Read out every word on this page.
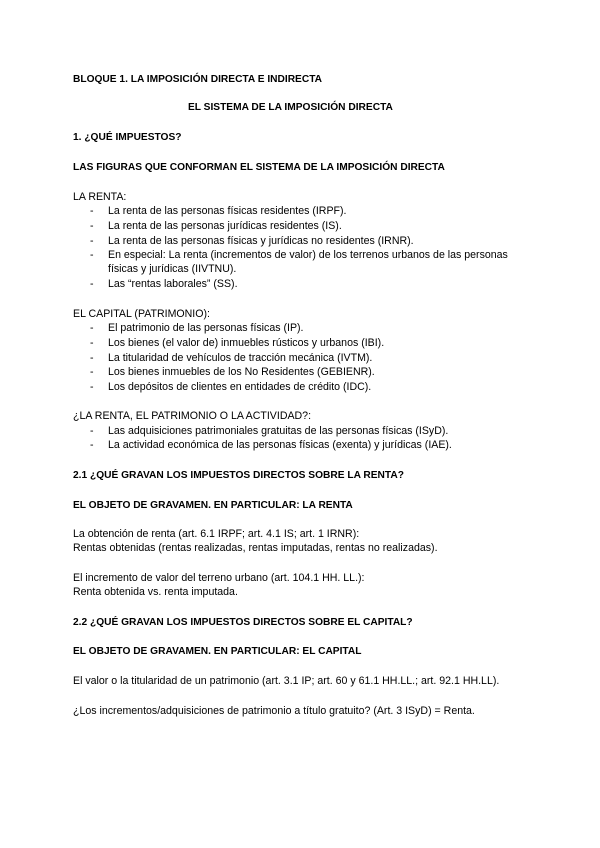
BLOQUE 1. LA IMPOSICIÓN DIRECTA E INDIRECTA
EL SISTEMA DE LA IMPOSICIÓN DIRECTA
1. ¿QUÉ IMPUESTOS?
LAS FIGURAS QUE CONFORMAN EL SISTEMA DE LA IMPOSICIÓN DIRECTA
LA RENTA:
- La renta de las personas físicas residentes (IRPF).
- La renta de las personas jurídicas residentes (IS).
- La renta de las personas físicas y jurídicas no residentes (IRNR).
- En especial: La renta (incrementos de valor) de los terrenos urbanos de las personas
físicas y jurídicas (IIVTNU).
- Las “rentas laborales” (SS).
EL CAPITAL (PATRIMONIO):
- El patrimonio de las personas físicas (IP).
- Los bienes (el valor de) inmuebles rústicos y urbanos (IBI).
- La titularidad de vehículos de tracción mecánica (IVTM).
- Los bienes inmuebles de los No Residentes (GEBIENR).
- Los depósitos de clientes en entidades de crédito (IDC).
¿LA RENTA, EL PATRIMONIO O LA ACTIVIDAD?:
- Las adquisiciones patrimoniales gratuitas de las personas físicas (ISyD).
- La actividad económica de las personas físicas (exenta) y jurídicas (IAE).
2.1 ¿QUÉ GRAVAN LOS IMPUESTOS DIRECTOS SOBRE LA RENTA?
EL OBJETO DE GRAVAMEN. EN PARTICULAR: LA RENTA
La obtención de renta (art. 6.1 IRPF; art. 4.1 IS; art. 1 IRNR):
Rentas obtenidas (rentas realizadas, rentas imputadas, rentas no realizadas).
El incremento de valor del terreno urbano (art. 104.1 HH. LL.):
Renta obtenida vs. renta imputada.
2.2 ¿QUÉ GRAVAN LOS IMPUESTOS DIRECTOS SOBRE EL CAPITAL?
EL OBJETO DE GRAVAMEN. EN PARTICULAR: EL CAPITAL
El valor o la titularidad de un patrimonio (art. 3.1 IP; art. 60 y 61.1 HH.LL.; art. 92.1 HH.LL).
¿Los incrementos/adquisiciones de patrimonio a título gratuito? (Art. 3 ISyD) = Renta.
